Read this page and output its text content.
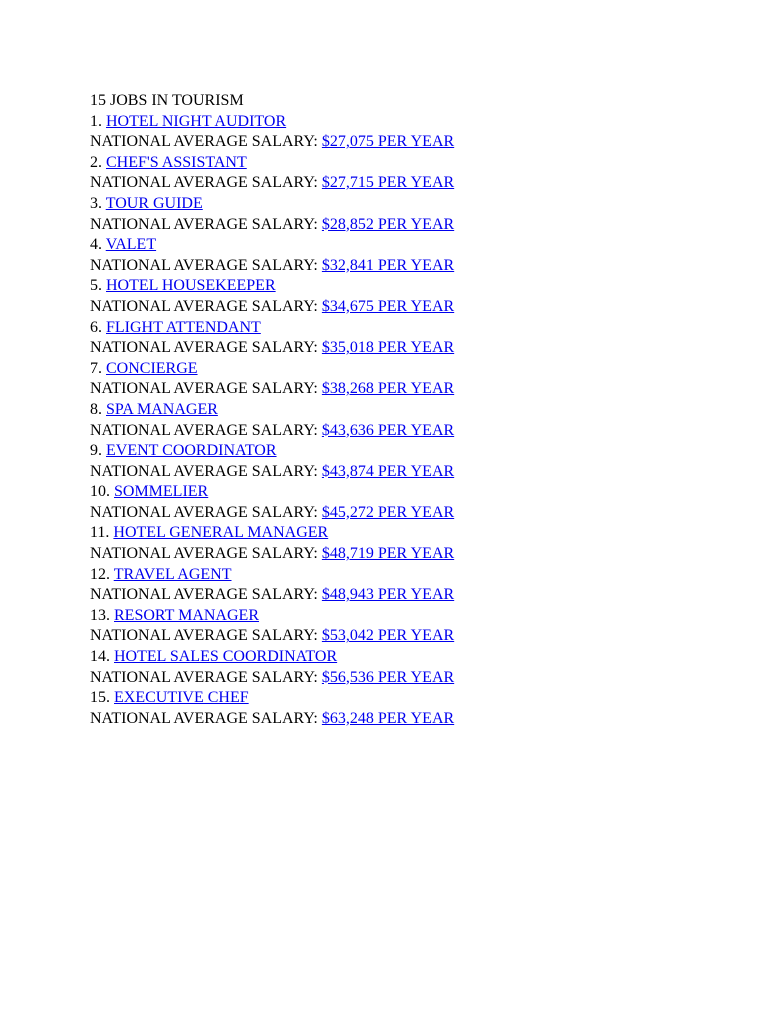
15 JOBS IN TOURISM
1. HOTEL NIGHT AUDITOR
NATIONAL AVERAGE SALARY: $27,075 PER YEAR
2. CHEF'S ASSISTANT
NATIONAL AVERAGE SALARY: $27,715 PER YEAR
3. TOUR GUIDE
NATIONAL AVERAGE SALARY: $28,852 PER YEAR
4. VALET
NATIONAL AVERAGE SALARY: $32,841 PER YEAR
5. HOTEL HOUSEKEEPER
NATIONAL AVERAGE SALARY: $34,675 PER YEAR
6. FLIGHT ATTENDANT
NATIONAL AVERAGE SALARY: $35,018 PER YEAR
7. CONCIERGE
NATIONAL AVERAGE SALARY: $38,268 PER YEAR
8. SPA MANAGER
NATIONAL AVERAGE SALARY: $43,636 PER YEAR
9. EVENT COORDINATOR
NATIONAL AVERAGE SALARY: $43,874 PER YEAR
10. SOMMELIER
NATIONAL AVERAGE SALARY: $45,272 PER YEAR
11. HOTEL GENERAL MANAGER
NATIONAL AVERAGE SALARY: $48,719 PER YEAR
12. TRAVEL AGENT
NATIONAL AVERAGE SALARY: $48,943 PER YEAR
13. RESORT MANAGER
NATIONAL AVERAGE SALARY: $53,042 PER YEAR
14. HOTEL SALES COORDINATOR
NATIONAL AVERAGE SALARY: $56,536 PER YEAR
15. EXECUTIVE CHEF
NATIONAL AVERAGE SALARY: $63,248 PER YEAR
